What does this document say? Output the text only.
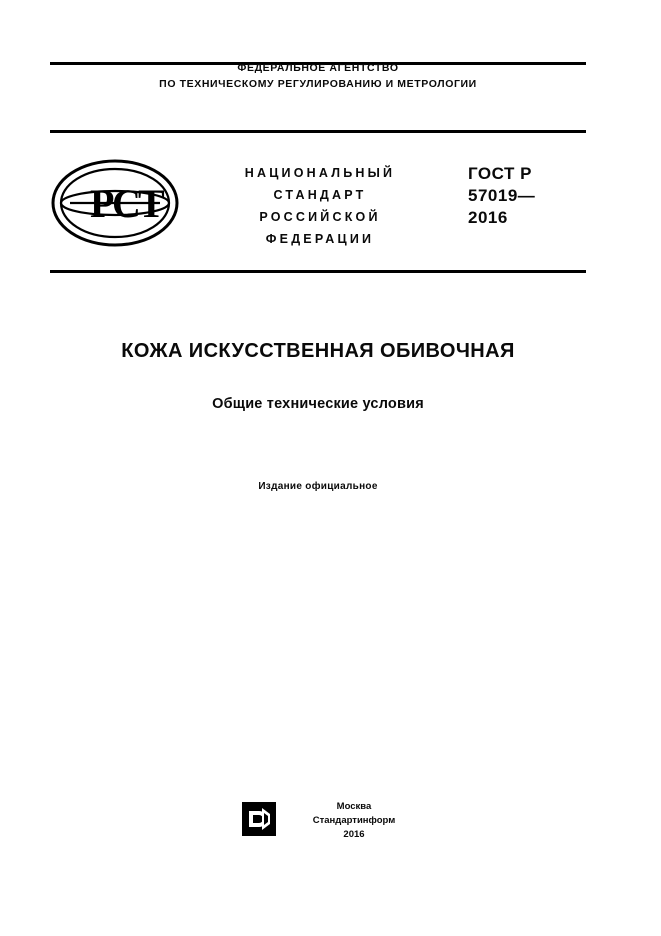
ФЕДЕРАЛЬНОЕ АГЕНТСТВО
ПО ТЕХНИЧЕСКОМУ РЕГУЛИРОВАНИЮ И МЕТРОЛОГИИ
Р
С
Т
НАЦИОНАЛЬНЫЙ
СТАНДАРТ
РОССИЙСКОЙ
ФЕДЕРАЦИИ
ГОСТ Р
57019—
2016
КОЖА ИСКУССТВЕННАЯ ОБИВОЧНАЯ
Общие технические условия
Издание официальное
Москва
Стандартинформ
2016
